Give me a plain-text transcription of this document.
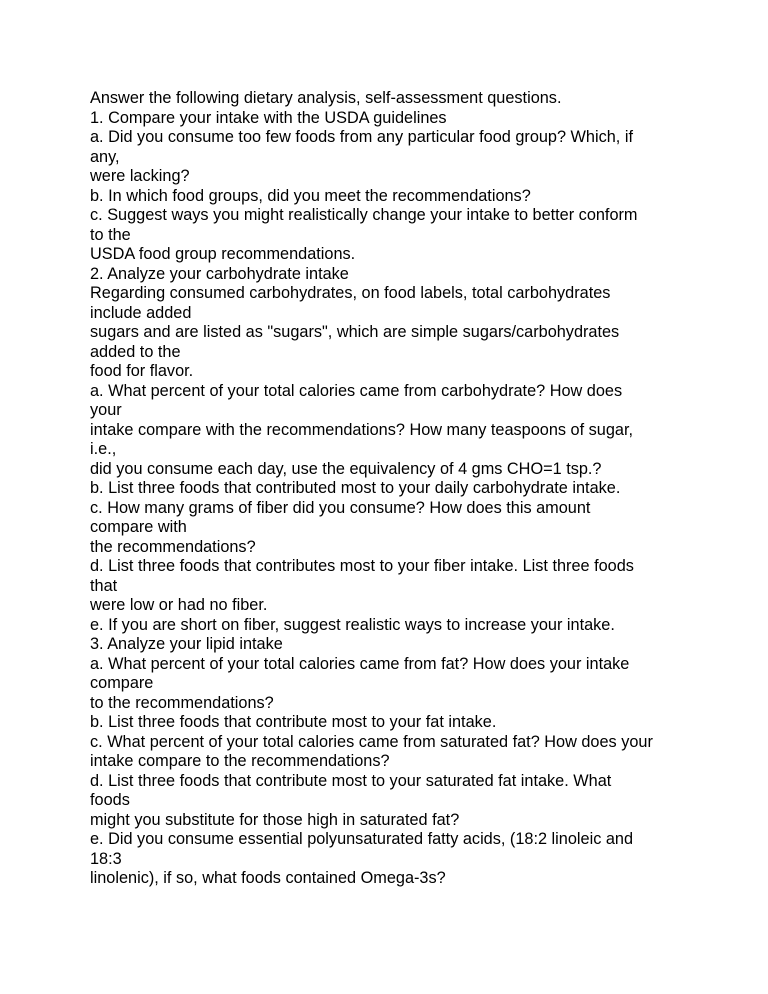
Answer the following dietary analysis, self-assessment questions.
1. Compare your intake with the USDA guidelines
a. Did you consume too few foods from any particular food group? Which, if
any,
were lacking?
b. In which food groups, did you meet the recommendations?
c. Suggest ways you might realistically change your intake to better conform
to the
USDA food group recommendations.
2. Analyze your carbohydrate intake
Regarding consumed carbohydrates, on food labels, total carbohydrates
include added
sugars and are listed as "sugars", which are simple sugars/carbohydrates
added to the
food for flavor.
a. What percent of your total calories came from carbohydrate? How does
your
intake compare with the recommendations? How many teaspoons of sugar,
i.e.,
did you consume each day, use the equivalency of 4 gms CHO=1 tsp.?
b. List three foods that contributed most to your daily carbohydrate intake.
c. How many grams of fiber did you consume? How does this amount
compare with
the recommendations?
d. List three foods that contributes most to your fiber intake. List three foods
that
were low or had no fiber.
e. If you are short on fiber, suggest realistic ways to increase your intake.
3. Analyze your lipid intake
a. What percent of your total calories came from fat? How does your intake
compare
to the recommendations?
b. List three foods that contribute most to your fat intake.
c. What percent of your total calories came from saturated fat? How does your
intake compare to the recommendations?
d. List three foods that contribute most to your saturated fat intake. What
foods
might you substitute for those high in saturated fat?
e. Did you consume essential polyunsaturated fatty acids, (18:2 linoleic and
18:3
linolenic), if so, what foods contained Omega-3s?
